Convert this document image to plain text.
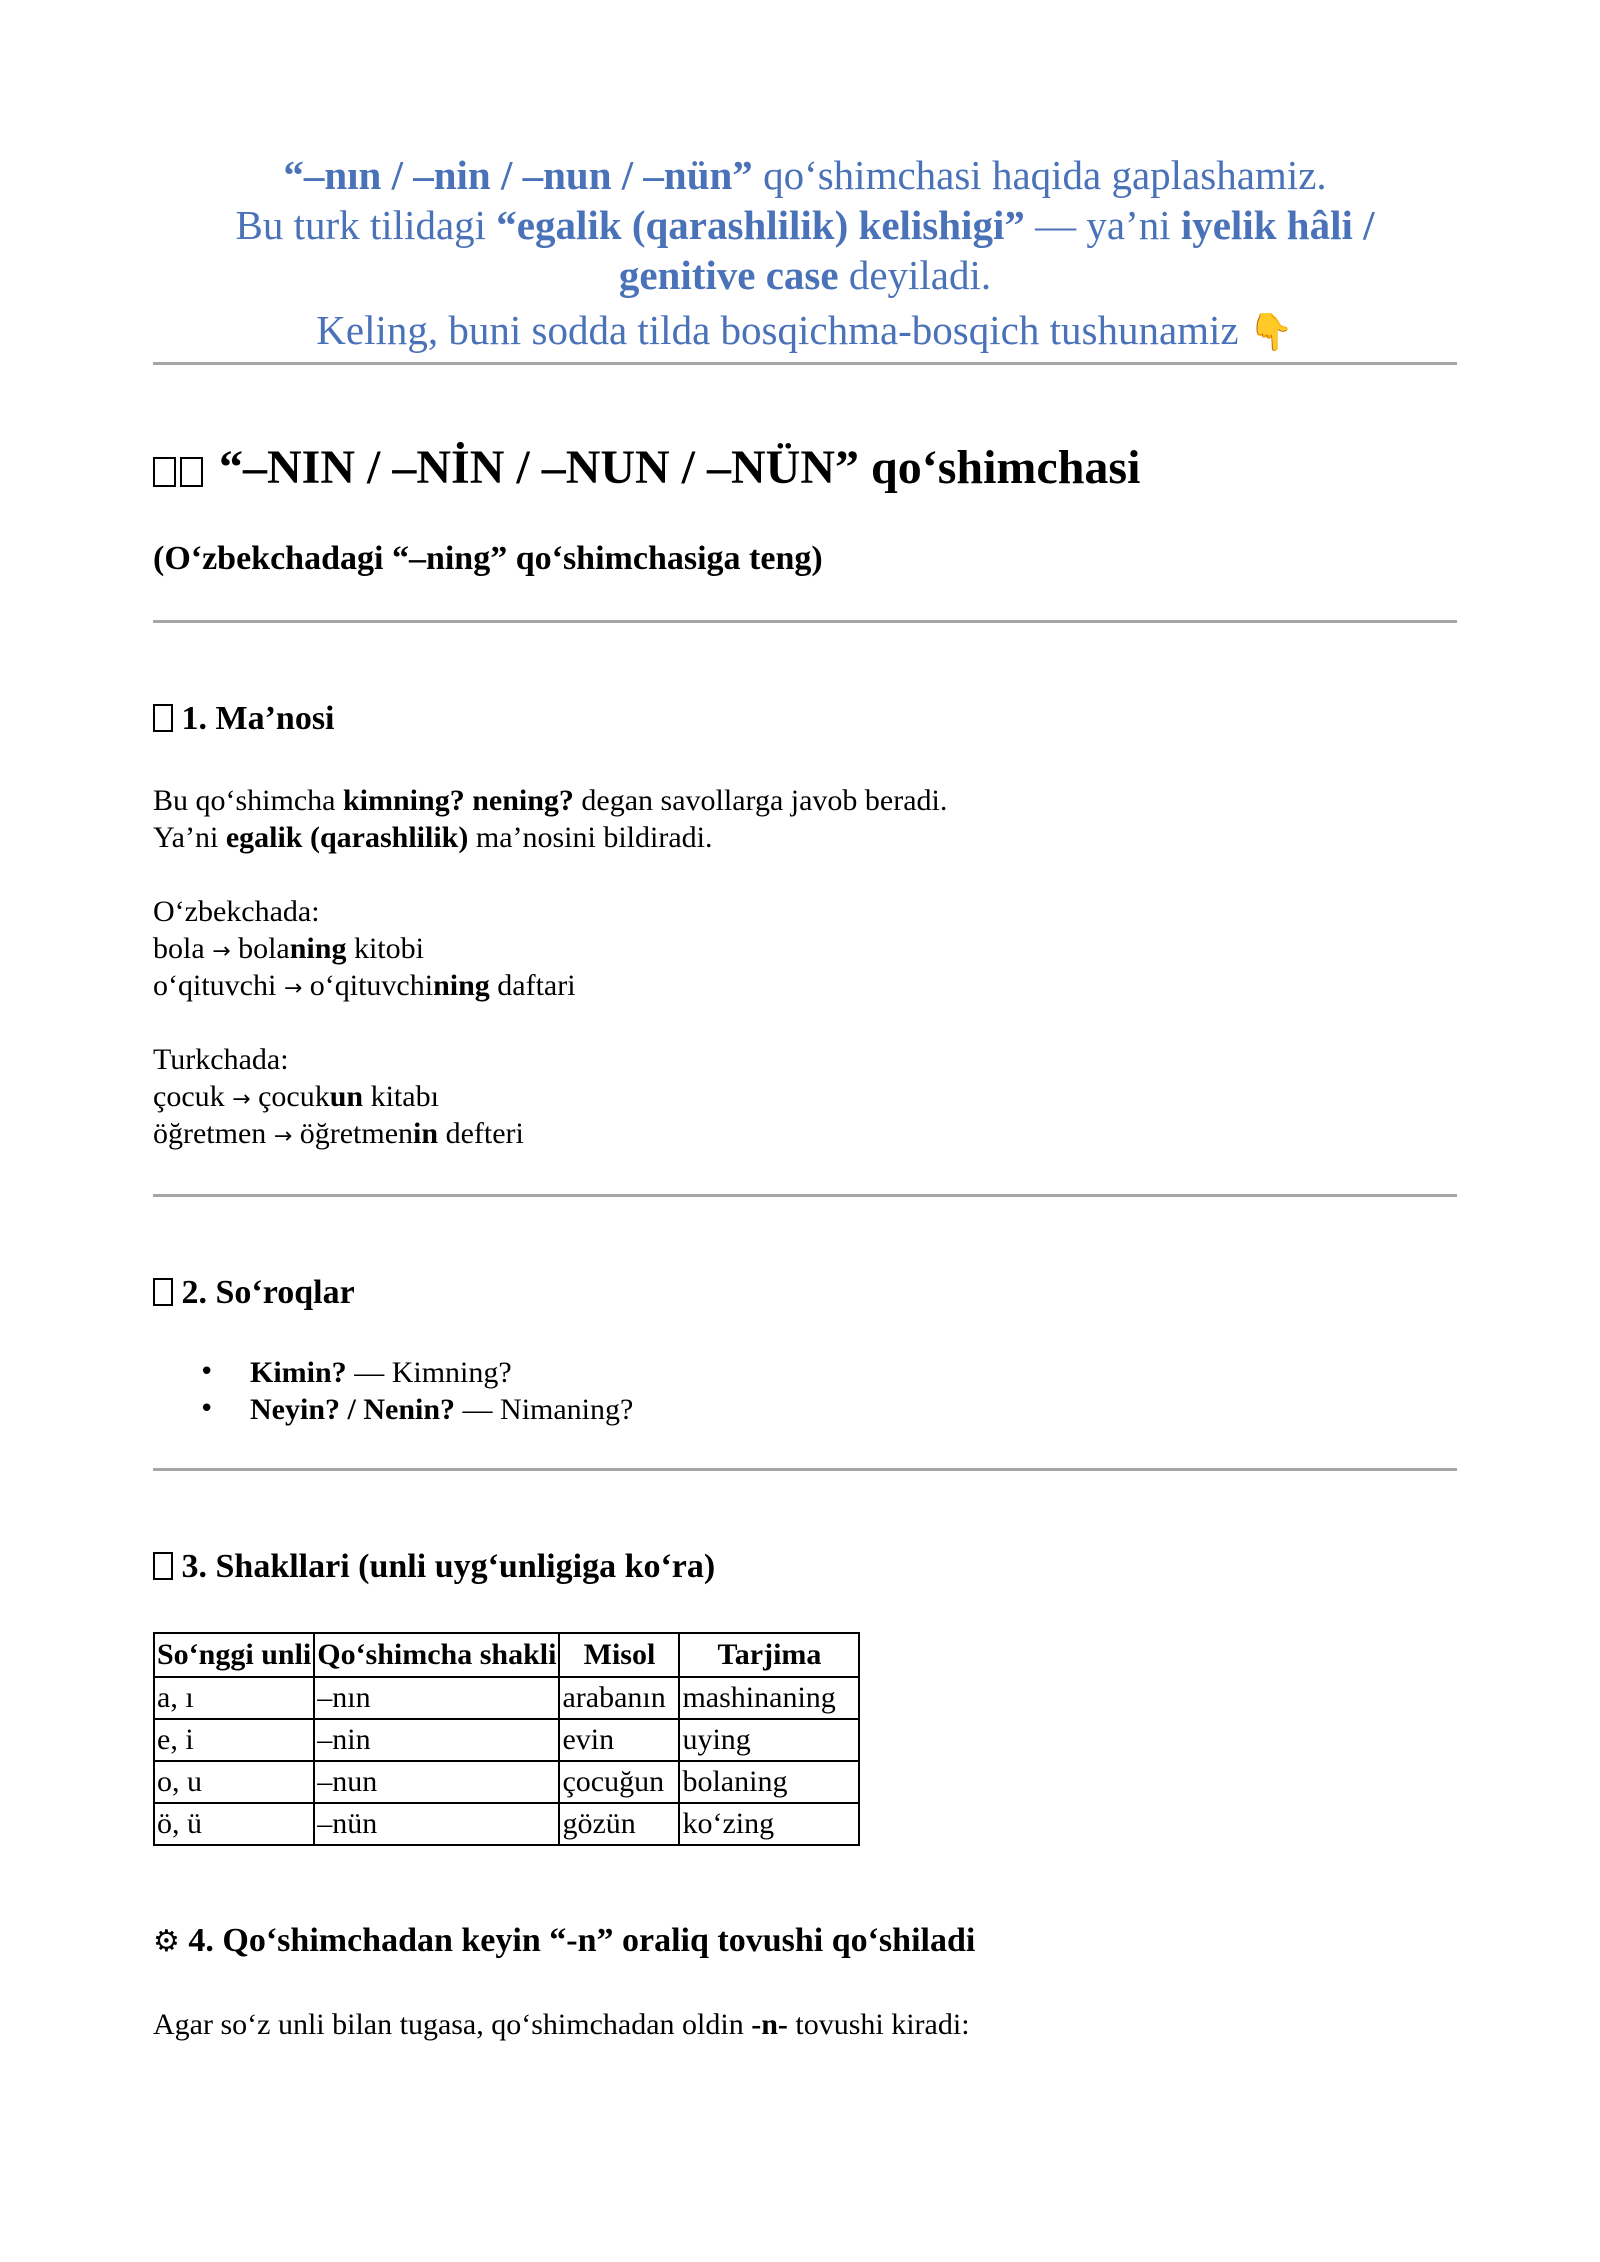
“–nın / –nin / –nun / –nün” qo‘shimchasi haqida gaplashamiz.
Bu turk tilidagi “egalik (qarashlilik) kelishigi” — ya’ni iyelik hâli /
genitive case deyiladi.
Keling, buni sodda tilda bosqichma-bosqich tushunamiz 👇
“–NIN / –NİN / –NUN / –NÜN” qo‘shimchasi
(O‘zbekchadagi “–ning” qo‘shimchasiga teng)
1. Ma’nosi
Bu qo‘shimcha kimning? nening? degan savollarga javob beradi.
Ya’ni egalik (qarashlilik) ma’nosini bildiradi.
O‘zbekchada:
bola → bolaning kitobi
o‘qituvchi → o‘qituvchining daftari
Turkchada:
çocuk → çocukun kitabı
öğretmen → öğretmenin defteri
2. So‘roqlar
• Kimin? — Kimning?
• Neyin? / Nenin? — Nimaning?
3. Shakllari (unli uyg‘unligiga ko‘ra)
So‘nggi unli	Qo‘shimcha shakli	Misol	Tarjima
a, ı	–nın	arabanın	mashinaning
e, i	–nin	evin	uying
o, u	–nun	çocuğun	bolaning
ö, ü	–nün	gözün	ko‘zing
⚙ 4. Qo‘shimchadan keyin “-n” oraliq tovushi qo‘shiladi
Agar so‘z unli bilan tugasa, qo‘shimchadan oldin -n- tovushi kiradi:
